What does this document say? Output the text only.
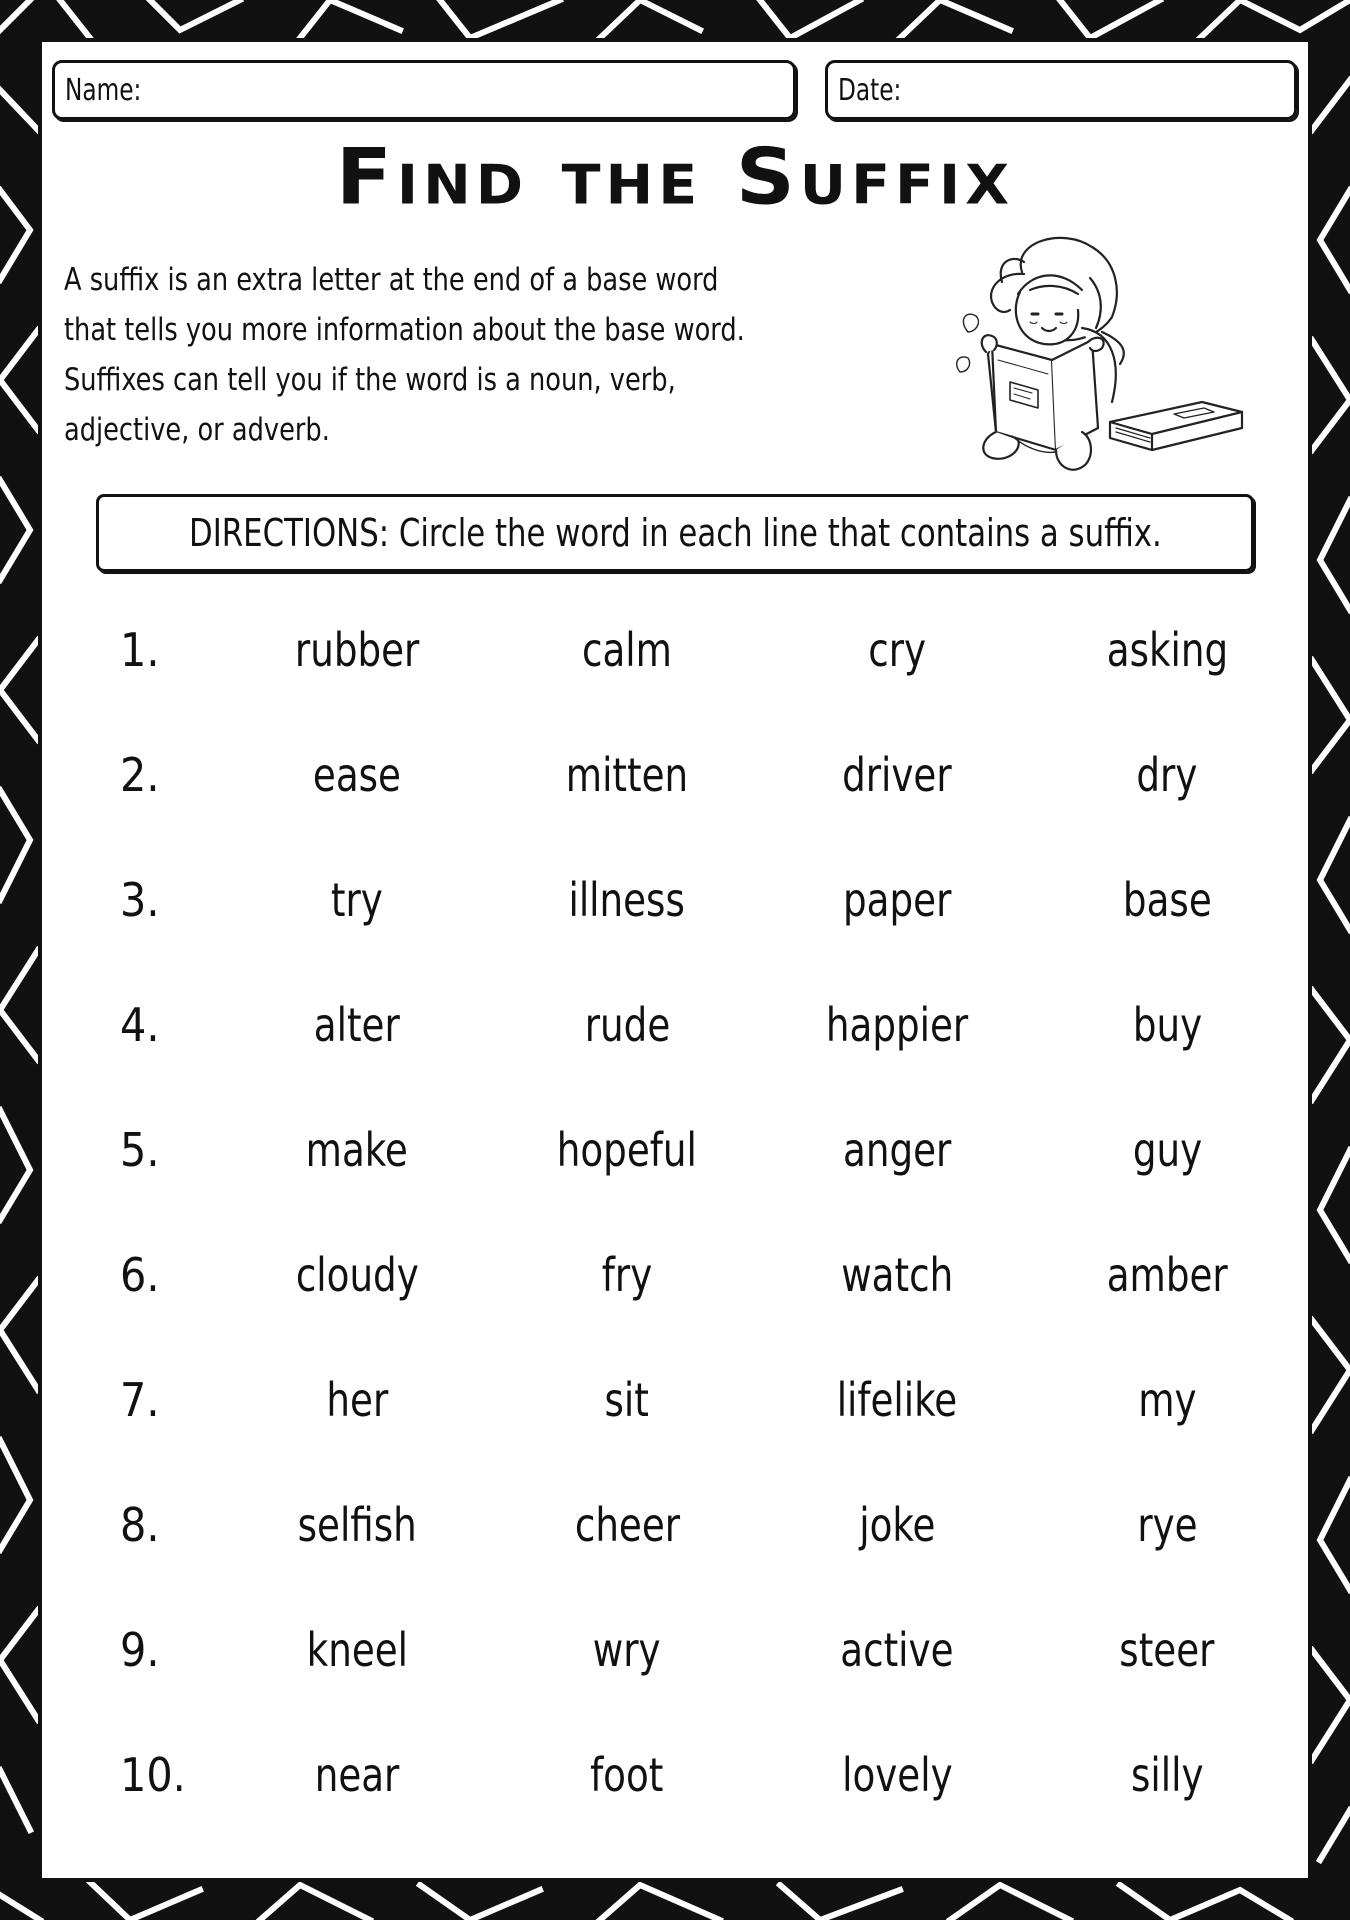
Name:	Date:
Find the Suffix
A suffix is an extra letter at the end of a base word
that tells you more information about the base word.
Suffixes can tell you if the word is a noun, verb,
adjective, or adverb.
DIRECTIONS: Circle the word in each line that contains a suffix.
1.	rubber	calm	cry	asking
2.	ease	mitten	driver	dry
3.	try	illness	paper	base
4.	alter	rude	happier	buy
5.	make	hopeful	anger	guy
6.	cloudy	fry	watch	amber
7.	her	sit	lifelike	my
8.	selfish	cheer	joke	rye
9.	kneel	wry	active	steer
10.	near	foot	lovely	silly
